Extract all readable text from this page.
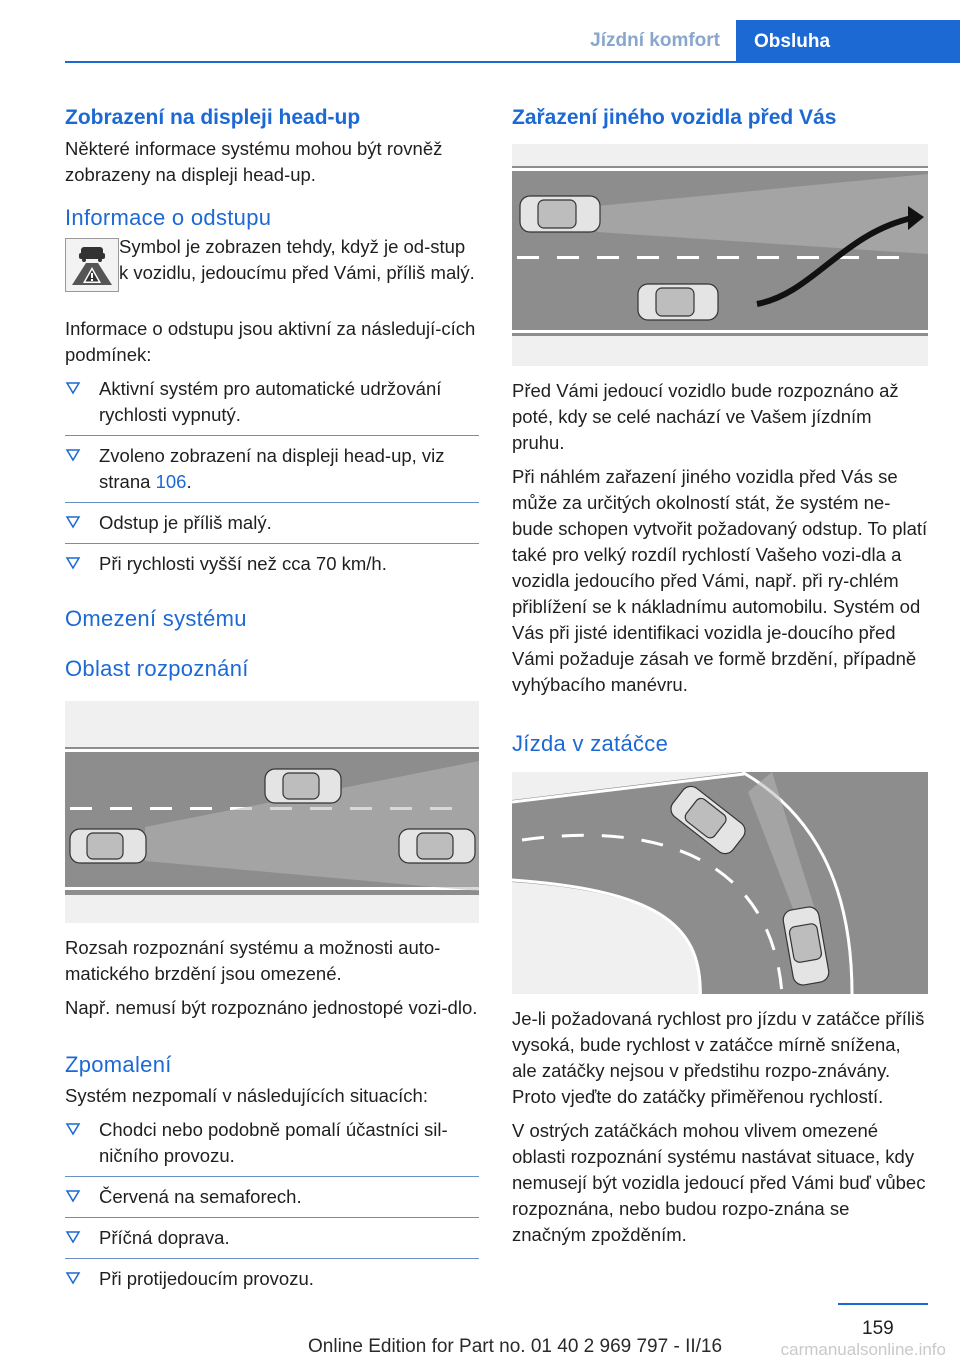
Jízdní komfort Obsluha
Zobrazení na displeji head-up

Některé informace systému mohou být rovněž zobrazeny na displeji head-up.

Informace o odstupu

Symbol je zobrazen tehdy, když je od-stup k vozidlu, jedoucímu před Vámi, příliš malý.

Informace o odstupu jsou aktivní za následují-cích podmínek:

Aktivní systém pro automatické udržování rychlosti vypnutý.
Zvoleno zobrazení na displeji head-up, viz strana 106.
Odstup je příliš malý.
Při rychlosti vyšší než cca 70 km/h.
Omezení systému
Oblast rozpoznání

Rozsah rozpoznání systému a možnosti auto-matického brzdění jsou omezené.

Např. nemusí být rozpoznáno jednostopé vozi-dlo.

Zpomalení

Systém nezpomalí v následujících situacích:

Chodci nebo podobně pomalí účastníci sil-ničního provozu.
Červená na semaforech.
Příčná doprava.
Při protijedoucím provozu.
Zařazení jiného vozidla před Vás

Před Vámi jedoucí vozidlo bude rozpoznáno až poté, kdy se celé nachází ve Vašem jízdním pruhu.

Při náhlém zařazení jiného vozidla před Vás se může za určitých okolností stát, že systém ne-bude schopen vytvořit požadovaný odstup. To platí také pro velký rozdíl rychlostí Vašeho vozi-dla a vozidla jedoucího před Vámi, např. při ry-chlém přiblížení se k nákladnímu automobilu. Systém od Vás při jisté identifikaci vozidla je-doucího před Vámi požaduje zásah ve formě brzdění, případně vyhýbacího manévru.

Jízda v zatáčce

Je-li požadovaná rychlost pro jízdu v zatáčce příliš vysoká, bude rychlost v zatáčce mírně snížena, ale zatáčky nejsou v předstihu rozpo-znávány. Proto vjeďte do zatáčky přiměřenou rychlostí.

V ostrých zatáčkách mohou vlivem omezené oblasti rozpoznání systému nastávat situace, kdy nemusejí být vozidla jedoucí před Vámi buď vůbec rozpoznána, nebo budou rozpo-znána se značným zpožděním.

159
Online Edition for Part no. 01 40 2 969 797 - II/16	carmanualsonline.info
